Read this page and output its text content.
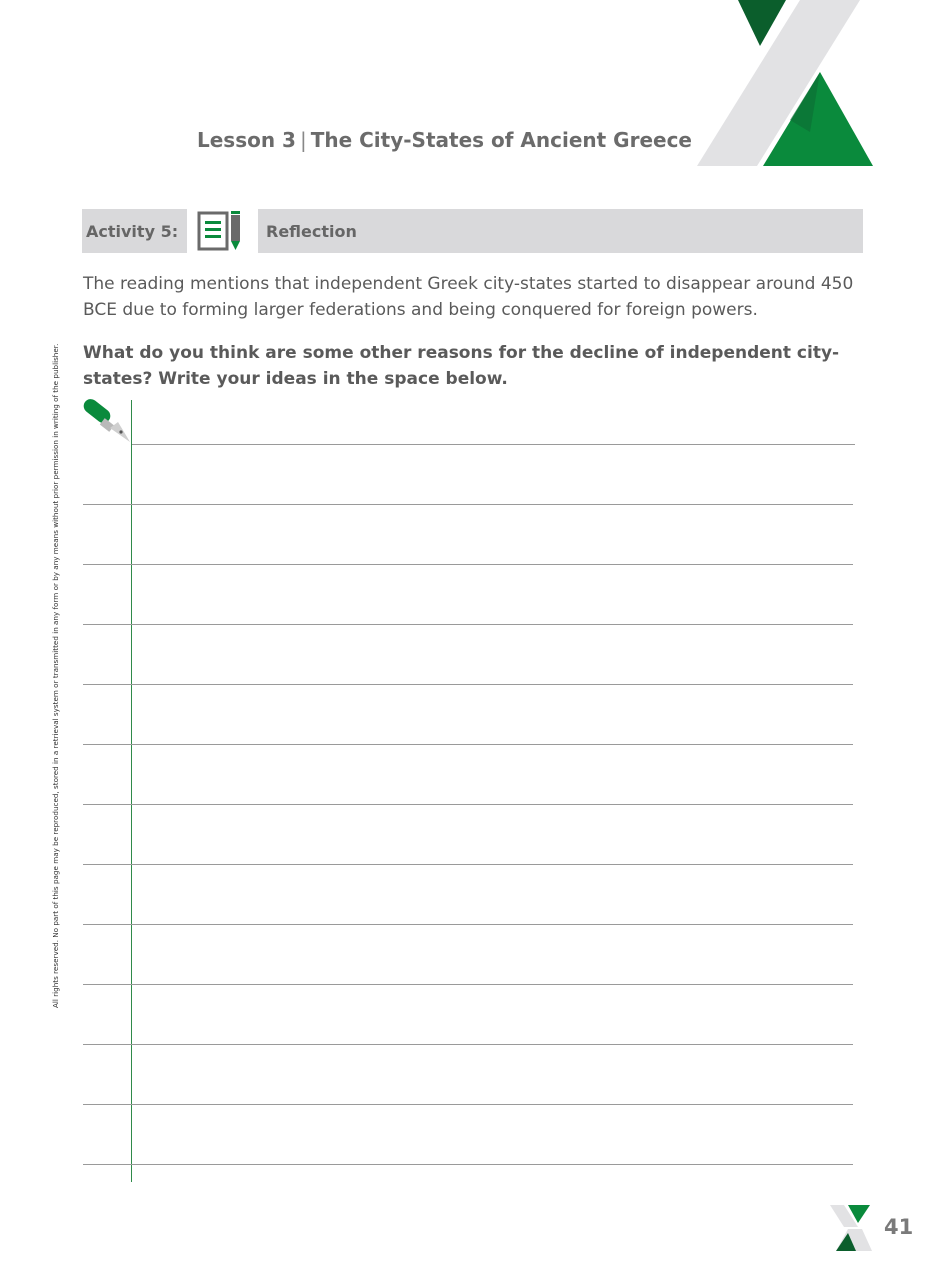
Lesson 3 | The City-States of Ancient Greece
Activity 5:	Reflection
The reading mentions that independent Greek city-states started to disappear around 450 BCE due to forming larger federations and being conquered for foreign powers.
What do you think are some other reasons for the decline of independent city-states? Write your ideas in the space below.
All rights reserved. No part of this page may be reproduced, stored in a retrieval system or transmitted in any form or by any means without prior permission in writing of the publisher.
41
